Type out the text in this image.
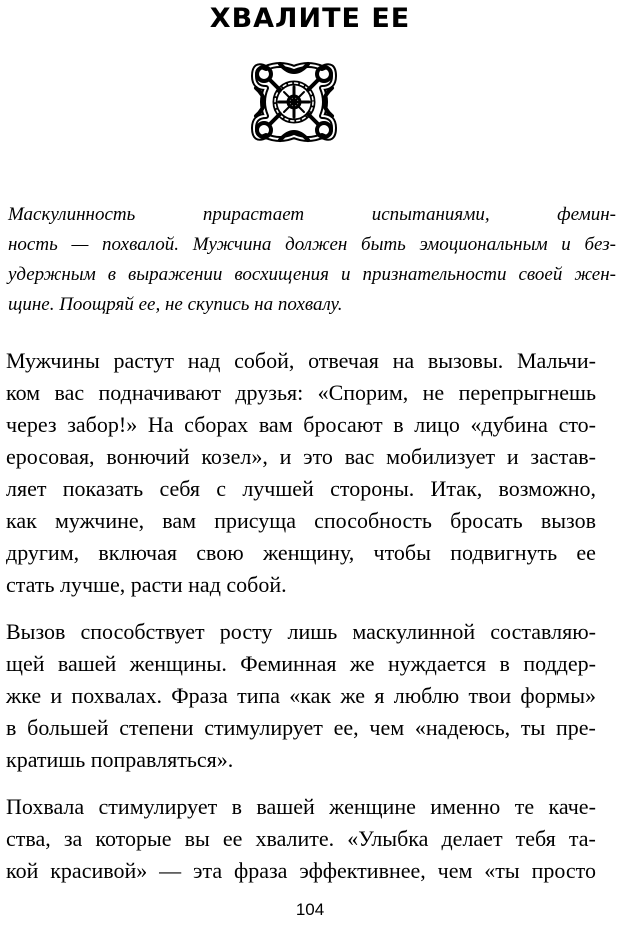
ХВАЛИТЕ ЕЕ
Маскулинность	прирастает	испытаниями,	фемин-
ность — похвалой. Мужчина должен быть эмоциональным и без-
удержным в выражении восхищения и признательности своей жен-
щине. Поощряй ее, не скупись на похвалу.
Мужчины растут над собой, отвечая на вызовы. Мальчи-
ком вас подначивают друзья: «Спорим, не перепрыгнешь
через забор!» На сборах вам бросают в лицо «дубина сто-
еросовая, вонючий козел», и это вас мобилизует и застав-
ляет показать себя с лучшей стороны. Итак, возможно,
как мужчине, вам присуща способность бросать вызов
другим, включая свою женщину, чтобы подвигнуть ее
стать лучше, расти над собой.
Вызов способствует росту лишь маскулинной составляю-
щей вашей женщины. Феминная же нуждается в поддер-
жке и похвалах. Фраза типа «как же я люблю твои формы»
в большей степени стимулирует ее, чем «надеюсь, ты пре-
кратишь поправляться».
Похвала стимулирует в вашей женщине именно те каче-
ства, за которые вы ее хвалите. «Улыбка делает тебя та-
кой красивой» — эта фраза эффективнее, чем «ты просто
104
